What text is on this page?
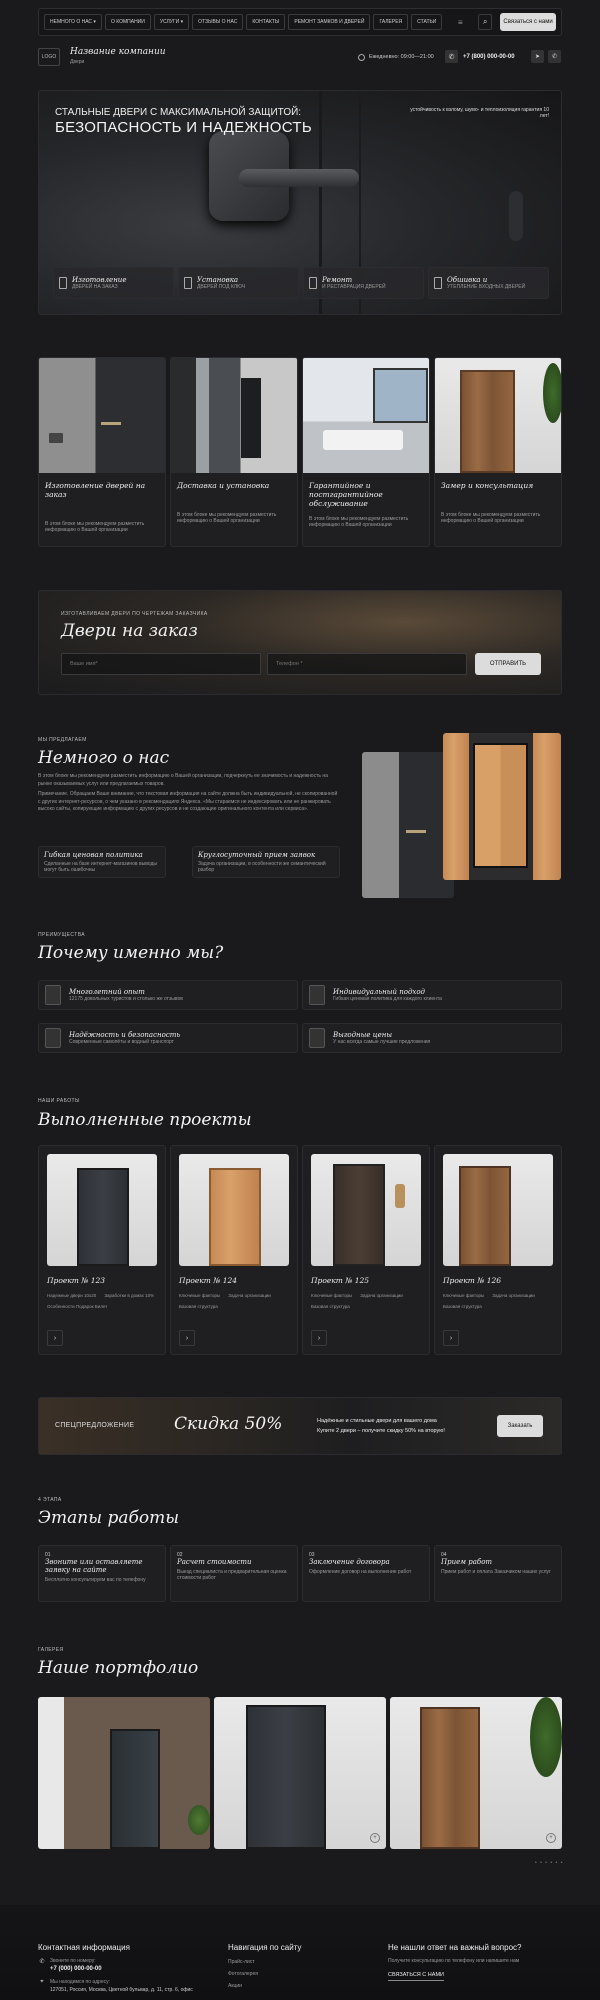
НЕМНОГО О НАС ▾	О КОМПАНИИ	УСЛУГИ ▾	ОТЗЫВЫ О НАС	КОНТАКТЫ	РЕМОНТ ЗАМКОВ И ДВЕРЕЙ	ГАЛЕРЕЯ	СТАТЬИ	≡	⌕	Связаться с нами
LOGO	Название компании
Двери
Ежедневно: 09:00—21:00	✆	+7 (800) 000-00-00	➤	✆
СТАЛЬНЫЕ ДВЕРИ С МАКСИМАЛЬНОЙ ЗАЩИТОЙ:
БЕЗОПАСНОСТЬ И НАДЕЖНОСТЬ
устойчивость к взлому, шумо- и теплоизоляция гарантия 10 лет!
Изготовление
ДВЕРЕЙ НА ЗАКАЗ
Установка
ДВЕРЕЙ ПОД КЛЮЧ
Ремонт
И РЕСТАВРАЦИЯ ДВЕРЕЙ
Обшивка и
УТЕПЛЕНИЕ ВХОДНЫХ ДВЕРЕЙ
Изготовление дверей на заказ
В этом блоке мы рекомендуем разместить информацию о Вашей организации
Доставка и установка
В этом блоке мы рекомендуем разместить информацию о Вашей организации
Гарантийное и постгарантийное обслуживание
В этом блоке мы рекомендуем разместить информацию о Вашей организации
Замер и консультация
В этом блоке мы рекомендуем разместить информацию о Вашей организации
ИЗГОТАВЛИВАЕМ ДВЕРИ ПО ЧЕРТЕЖАМ ЗАКАЗЧИКА
Двери на заказ
Ваше имя*
Телефон *
ОТПРАВИТЬ
МЫ ПРЕДЛАГАЕМ
Немного о нас
В этом блоке мы рекомендуем разместить информацию о Вашей организации, подчеркнуть ее значимость и надежность на рынке оказываемых услуг или предлагаемых товаров.
Примечание. Обращаем Ваше внимание, что текстовая информация на сайте должна быть индивидуальной, не скопированной с других интернет-ресурсов, о чем указано в рекомендациях Яндекса. «Мы стараемся не индексировать или не ранжировать высоко сайты, копирующие информацию с других ресурсов и не создающие оригинального контента или сервиса».
Гибкая ценовая политика
Сделанные на базе интернет-магазинов выводы могут быть ошибочны
Круглосуточный прием заявок
Задача организации, в особенности же семантический разбор
ПРЕИМУЩЕСТВА
Почему именно мы?
Многолетний опыт
12175 довольных туристов и столько же отзывов
Индивидуальный подход
Гибкая ценовая политика для каждого клиента
Надёжность и безопасность
Современные самолёты и водный транспорт
Выгодные цены
У нас всегда самые лучшие предложения
НАШИ РАБОТЫ
Выполненные проекты
Проект № 123
Надежные двери 10x20 Заработки в домах 10%
Особенности Подарок Билет
›
Проект № 124
Ключевые факторы Задача организации
Базовая структура
›
Проект № 125
Ключевые факторы Задача организации
Базовая структура
›
Проект № 126
Ключевые факторы Задача организации
Базовая структура
›
СПЕЦПРЕДЛОЖЕНИЕ Скидка 50%	Надёжные и стильные двери для вашего дома
Купите 2 двери – получите скидку 50% на вторую!
Заказать
4 ЭТАПА
Этапы работы
01
Звоните или оставляете заявку на сайте
Бесплатно консультируем вас по телефону
02
Расчет стоимости
Выезд специалиста и предварительная оценка стоимости работ
03
Заключение договора
Оформление договор на выполнение работ
04
Прием работ
Прием работ и оплата Заказчиком наших услуг
ГАЛЕРЕЯ
Наше портфолио
+	+
• • • • • •
Контактная информация
✆ Звоните по номеру:
+7 (000) 000-00-00
⌖	Мы находимся по адресу:
127051, Россия, Москва, Цветной бульвар, д. 11, стр. 6, офис
Навигация по сайту
Прайс-лист
Фотогалерея
Акции
Не нашли ответ на важный вопрос?
Получите консультацию по телефону или напишите нам
СВЯЗАТЬСЯ С НАМИ
